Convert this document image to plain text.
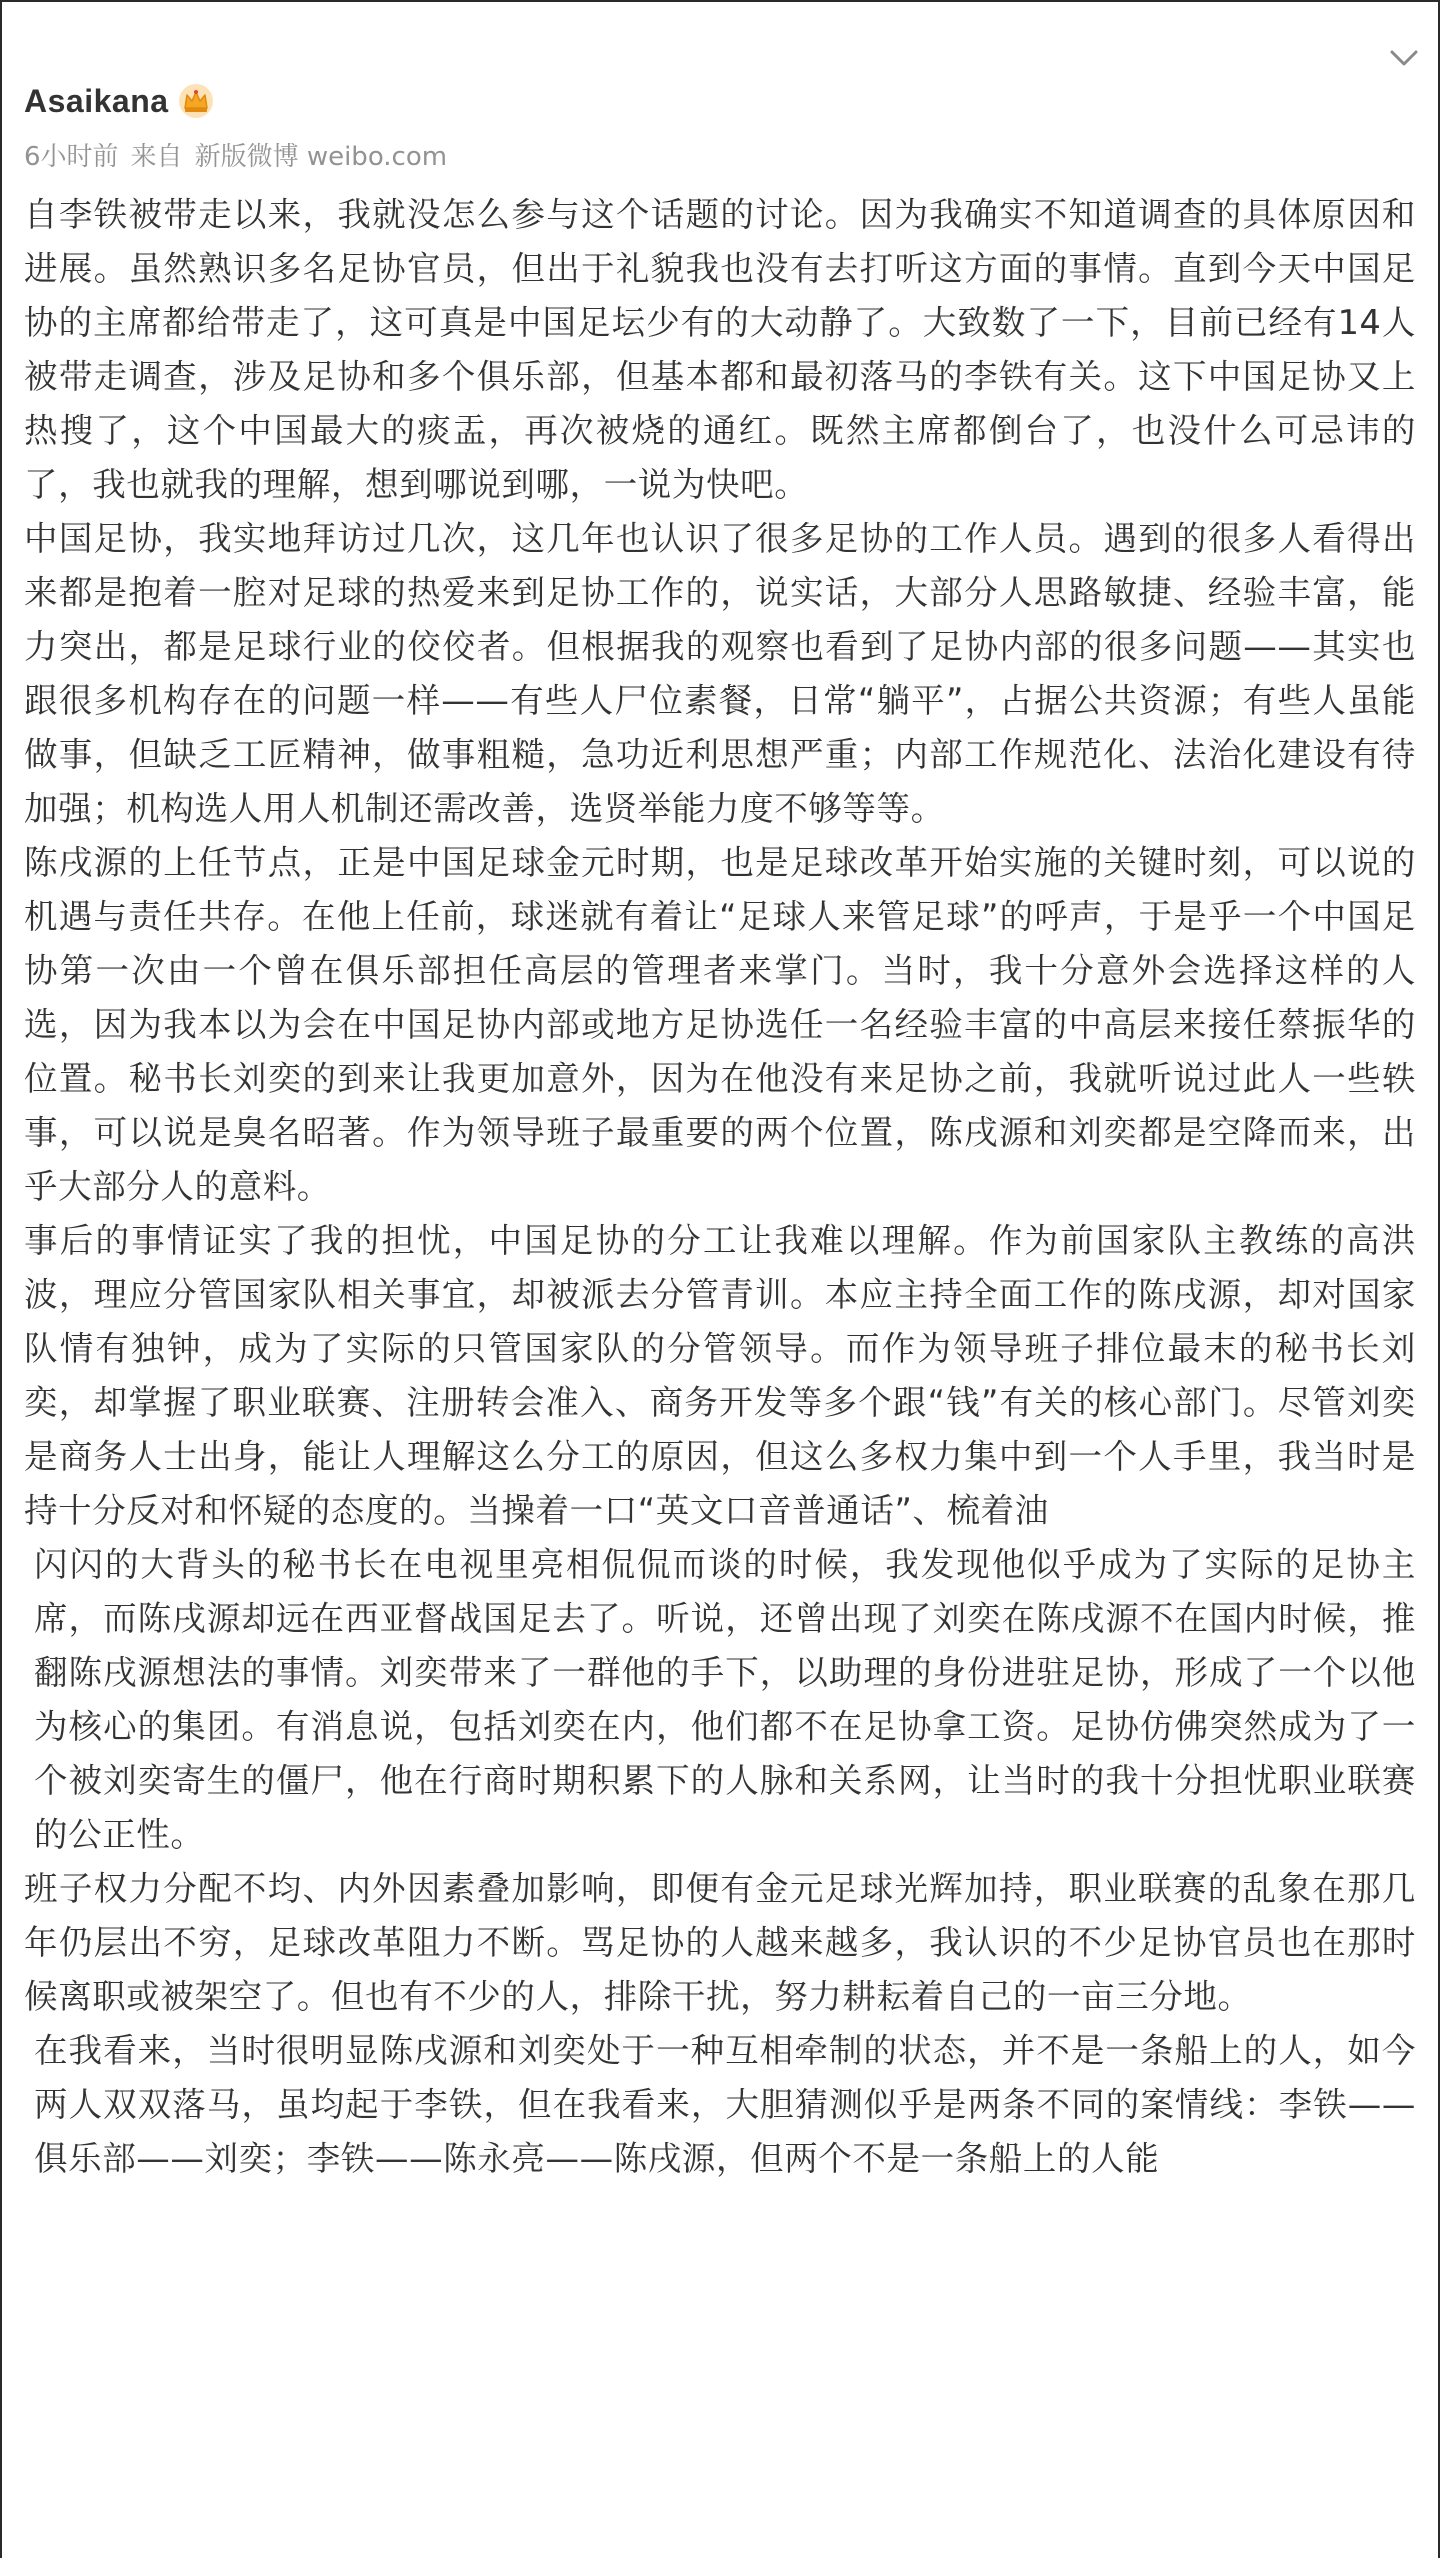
Asaikana
6小时前 来自 新版微博 weibo.com

自李铁被带走以来，我就没怎么参与这个话题的讨论。因为我确实不知道调查的具体原因和进展。虽然熟识多名足协官员，但出于礼貌我也没有去打听这方面的事情。直到今天中国足协的主席都给带走了，这可真是中国足坛少有的大动静了。大致数了一下，目前已经有14人被带走调查，涉及足协和多个俱乐部，但基本都和最初落马的李铁有关。这下中国足协又上热搜了，这个中国最大的痰盂，再次被烧的通红。既然主席都倒台了，也没什么可忌讳的了，我也就我的理解，想到哪说到哪，一说为快吧。

中国足协，我实地拜访过几次，这几年也认识了很多足协的工作人员。遇到的很多人看得出来都是抱着一腔对足球的热爱来到足协工作的，说实话，大部分人思路敏捷、经验丰富，能力突出，都是足球行业的佼佼者。但根据我的观察也看到了足协内部的很多问题——其实也跟很多机构存在的问题一样——有些人尸位素餐，日常“躺平”，占据公共资源；有些人虽能做事，但缺乏工匠精神，做事粗糙，急功近利思想严重；内部工作规范化、法治化建设有待加强；机构选人用人机制还需改善，选贤举能力度不够等等。

陈戌源的上任节点，正是中国足球金元时期，也是足球改革开始实施的关键时刻，可以说的机遇与责任共存。在他上任前，球迷就有着让“足球人来管足球”的呼声，于是乎一个中国足协第一次由一个曾在俱乐部担任高层的管理者来掌门。当时，我十分意外会选择这样的人选，因为我本以为会在中国足协内部或地方足协选任一名经验丰富的中高层来接任蔡振华的位置。秘书长刘奕的到来让我更加意外，因为在他没有来足协之前，我就听说过此人一些轶事，可以说是臭名昭著。作为领导班子最重要的两个位置，陈戌源和刘奕都是空降而来，出乎大部分人的意料。

事后的事情证实了我的担忧，中国足协的分工让我难以理解。作为前国家队主教练的高洪波，理应分管国家队相关事宜，却被派去分管青训。本应主持全面工作的陈戌源，却对国家队情有独钟，成为了实际的只管国家队的分管领导。而作为领导班子排位最末的秘书长刘奕，却掌握了职业联赛、注册转会准入、商务开发等多个跟“钱”有关的核心部门。尽管刘奕是商务人士出身，能让人理解这么分工的原因，但这么多权力集中到一个人手里，我当时是持十分反对和怀疑的态度的。当操着一口“英文口音普通话”、梳着油

闪闪的大背头的秘书长在电视里亮相侃侃而谈的时候，我发现他似乎成为了实际的足协主席，而陈戌源却远在西亚督战国足去了。听说，还曾出现了刘奕在陈戌源不在国内时候，推翻陈戌源想法的事情。刘奕带来了一群他的手下，以助理的身份进驻足协，形成了一个以他为核心的集团。有消息说，包括刘奕在内，他们都不在足协拿工资。足协仿佛突然成为了一个被刘奕寄生的僵尸，他在行商时期积累下的人脉和关系网，让当时的我十分担忧职业联赛的公正性。

班子权力分配不均、内外因素叠加影响，即便有金元足球光辉加持，职业联赛的乱象在那几年仍层出不穷，足球改革阻力不断。骂足协的人越来越多，我认识的不少足协官员也在那时候离职或被架空了。但也有不少的人，排除干扰，努力耕耘着自己的一亩三分地。

在我看来，当时很明显陈戌源和刘奕处于一种互相牵制的状态，并不是一条船上的人，如今两人双双落马，虽均起于李铁，但在我看来，大胆猜测似乎是两条不同的案情线：李铁——俱乐部——刘奕；李铁——陈永亮——陈戌源，但两个不是一条船上的人能
